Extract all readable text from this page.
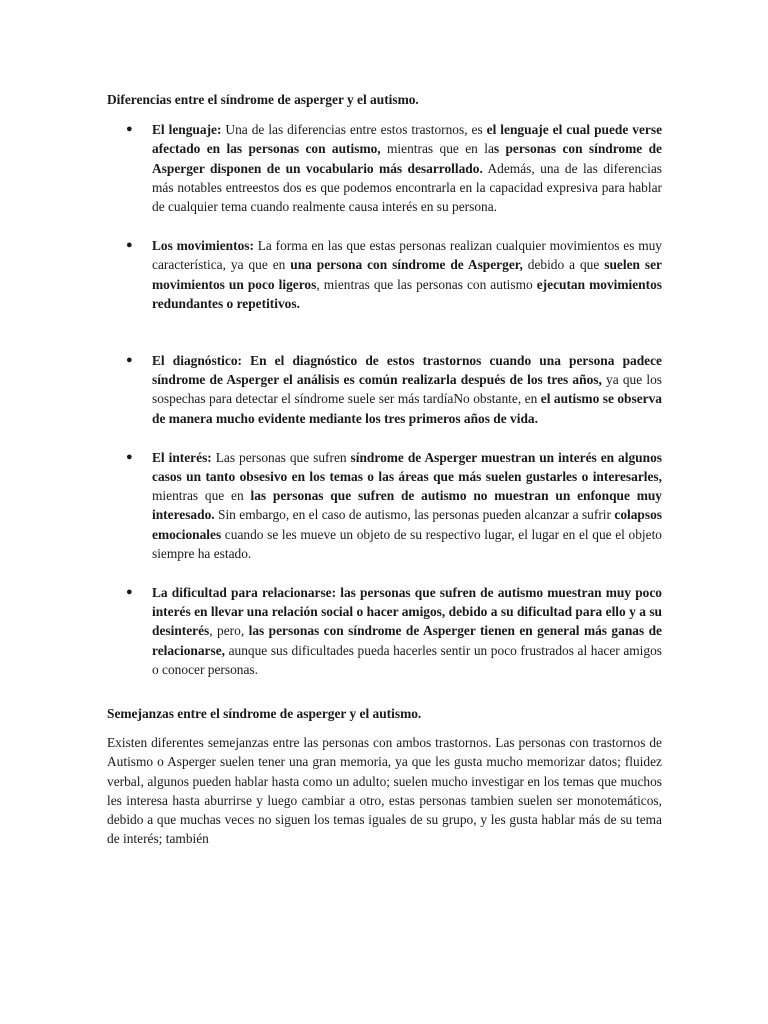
Diferencias entre el síndrome de asperger y el autismo.
● El lenguaje: Una de las diferencias entre estos trastornos, es el lenguaje el cual puede verse afectado en las personas con autismo, mientras que en las personas con síndrome de Asperger disponen de un vocabulario más desarrollado. Además, una de las diferencias más notables entreestos dos es que podemos encontrarla en la capacidad expresiva para hablar de cualquier tema cuando realmente causa interés en su persona.
● Los movimientos: La forma en las que estas personas realizan cualquier movimientos es muy característica, ya que en una persona con síndrome de Asperger, debido a que suelen ser movimientos un poco ligeros, mientras que las personas con autismo ejecutan movimientos redundantes o repetitivos.
● El diagnóstico: En el diagnóstico de estos trastornos cuando una persona padece síndrome de Asperger el análisis es común realizarla después de los tres años, ya que los sospechas para detectar el síndrome suele ser más tardíaNo obstante, en el autismo se observa de manera mucho evidente mediante los tres primeros años de vida.
● El interés: Las personas que sufren síndrome de Asperger muestran un interés en algunos casos un tanto obsesivo en los temas o las áreas que más suelen gustarles o interesarles, mientras que en las personas que sufren de autismo no muestran un enfonque muy interesado. Sin embargo, en el caso de autismo, las personas pueden alcanzar a sufrir colapsos emocionales cuando se les mueve un objeto de su respectivo lugar, el lugar en el que el objeto siempre ha estado.
● La dificultad para relacionarse: las personas que sufren de autismo muestran muy poco interés en llevar una relación social o hacer amigos, debido a su dificultad para ello y a su desinterés, pero, las personas con síndrome de Asperger tienen en general más ganas de relacionarse, aunque sus dificultades pueda hacerles sentir un poco frustrados al hacer amigos o conocer personas.
Semejanzas entre el síndrome de asperger y el autismo.

Existen diferentes semejanzas entre las personas con ambos trastornos. Las personas con trastornos de Autismo o Asperger suelen tener una gran memoria, ya que les gusta mucho memorizar datos; fluidez verbal, algunos pueden hablar hasta como un adulto; suelen mucho investigar en los temas que muchos les interesa hasta aburrirse y luego cambiar a otro, estas personas tambien suelen ser monotemáticos, debido a que muchas veces no siguen los temas iguales de su grupo, y les gusta hablar más de su tema de interés; también
